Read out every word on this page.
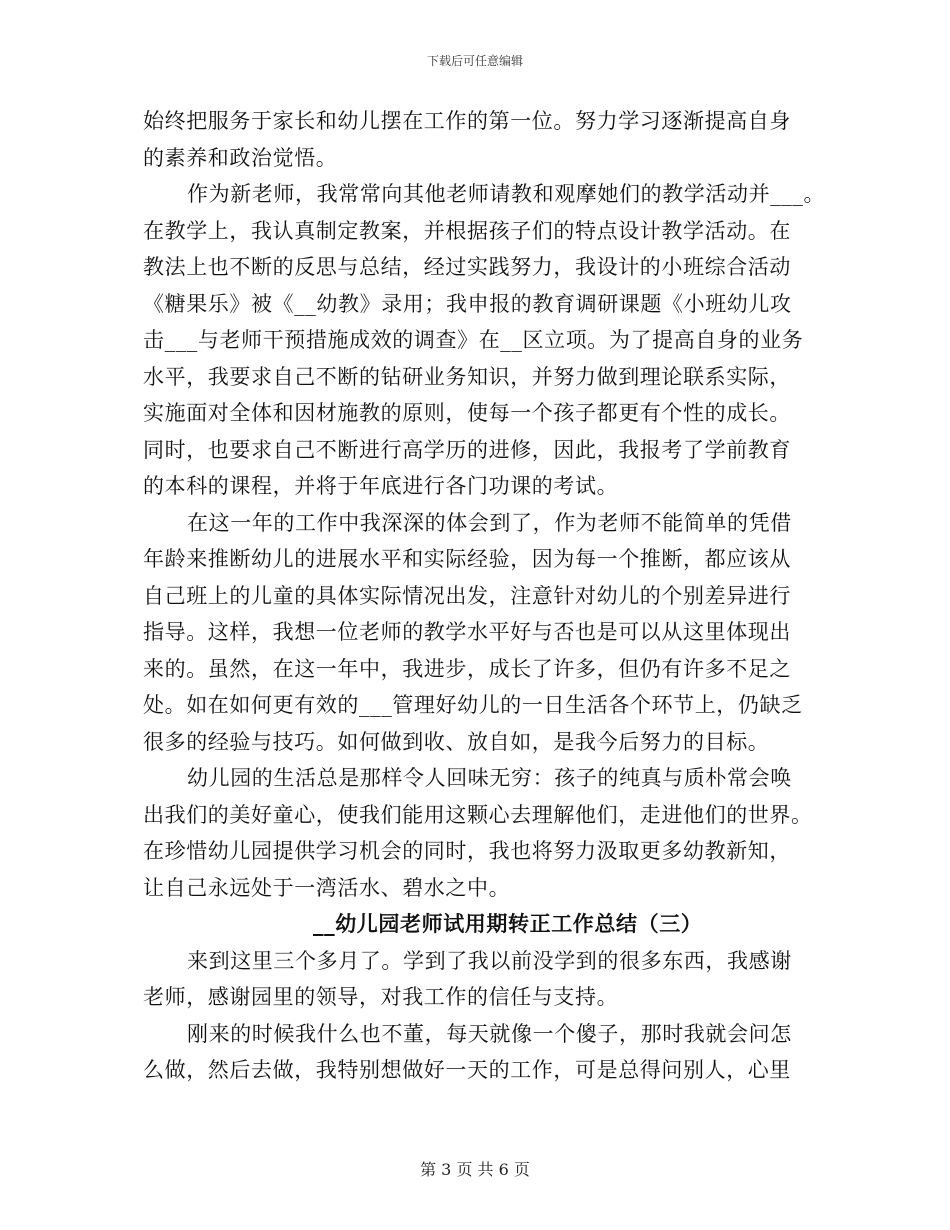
下载后可任意编辑
始终把服务于家长和幼儿摆在工作的第一位。努力学习逐渐提高自身
的素养和政治觉悟。
作为新老师，我常常向其他老师请教和观摩她们的教学活动并___。
在教学上，我认真制定教案，并根据孩子们的特点设计教学活动。在
教法上也不断的反思与总结，经过实践努力，我设计的小班综合活动
《糖果乐》被《__幼教》录用；我申报的教育调研课题《小班幼儿攻
击___与老师干预措施成效的调查》在__区立项。为了提高自身的业务
水平，我要求自己不断的钻研业务知识，并努力做到理论联系实际，
实施面对全体和因材施教的原则，使每一个孩子都更有个性的成长。
同时，也要求自己不断进行高学历的进修，因此，我报考了学前教育
的本科的课程，并将于年底进行各门功课的考试。
在这一年的工作中我深深的体会到了，作为老师不能简单的凭借
年龄来推断幼儿的进展水平和实际经验，因为每一个推断，都应该从
自己班上的儿童的具体实际情况出发，注意针对幼儿的个别差异进行
指导。这样，我想一位老师的教学水平好与否也是可以从这里体现出
来的。虽然，在这一年中，我进步，成长了许多，但仍有许多不足之
处。如在如何更有效的___管理好幼儿的一日生活各个环节上，仍缺乏
很多的经验与技巧。如何做到收、放自如，是我今后努力的目标。
幼儿园的生活总是那样令人回味无穷：孩子的纯真与质朴常会唤
出我们的美好童心，使我们能用这颗心去理解他们，走进他们的世界。
在珍惜幼儿园提供学习机会的同时，我也将努力汲取更多幼教新知，
让自己永远处于一湾活水、碧水之中。
__幼儿园老师试用期转正工作总结（三）
来到这里三个多月了。学到了我以前没学到的很多东西，我感谢
老师，感谢园里的领导，对我工作的信任与支持。
刚来的时候我什么也不董，每天就像一个傻子，那时我就会问怎
么做，然后去做，我特别想做好一天的工作，可是总得问别人，心里
第 3 页 共 6 页
